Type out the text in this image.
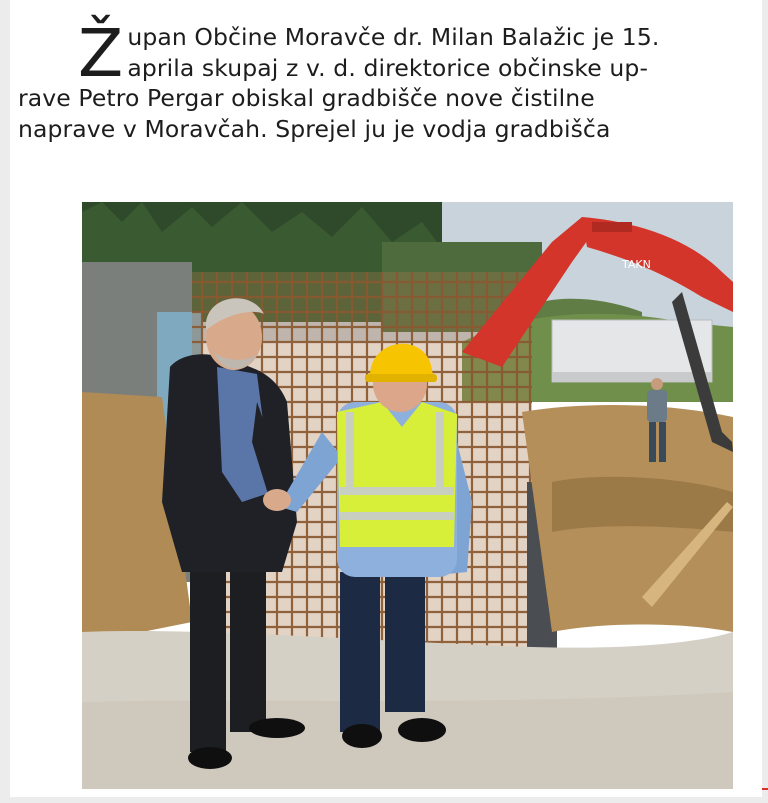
Ž upan Občine Moravče dr. Milan Balažic je 15.
aprila skupaj z v. d. direktorice občinske up-
rave Petro Pergar obiskal gradbišče nove čistilne
naprave v Moravčah. Sprejel ju je vodja gradbišča
TAKN
